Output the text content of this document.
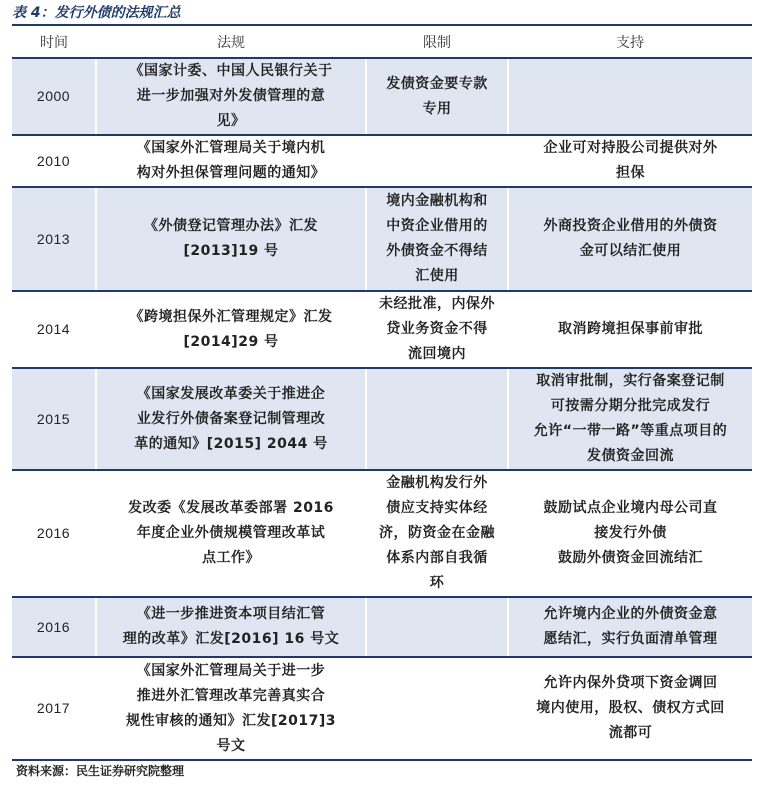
表 4：发行外债的法规汇总
时间	法规	限制	支持
2000	《国家计委、中国人民银行关于
进一步加强对外发债管理的意
见》	发债资金要专款
专用	

2010	《国家外汇管理局关于境内机
构对外担保管理问题的通知》		企业可对持股公司提供对外
担保

2013	《外债登记管理办法》汇发
[2013]19 号	境内金融机构和
中资企业借用的
外债资金不得结
汇使用	外商投资企业借用的外债资
金可以结汇使用

2014	《跨境担保外汇管理规定》汇发
[2014]29 号	未经批准，内保外
贷业务资金不得
流回境内	取消跨境担保事前审批

2015	《国家发展改革委关于推进企
业发行外债备案登记制管理改
革的通知》[2015] 2044 号		取消审批制，实行备案登记制
可按需分期分批完成发行
允许“一带一路”等重点项目的
发债资金回流

2016	发改委《发展改革委部署 2016
年度企业外债规模管理改革试
点工作》	金融机构发行外
债应支持实体经
济，防资金在金融
体系内部自我循
环	鼓励试点企业境内母公司直
接发行外债
鼓励外债资金回流结汇

2016	《进一步推进资本项目结汇管
理的改革》汇发[2016] 16 号文		允许境内企业的外债资金意
愿结汇，实行负面清单管理

2017	《国家外汇管理局关于进一步
推进外汇管理改革完善真实合
规性审核的通知》汇发[2017]3
号文		允许内保外贷项下资金调回
境内使用，股权、债权方式回
流都可
资料来源：民生证券研究院整理
